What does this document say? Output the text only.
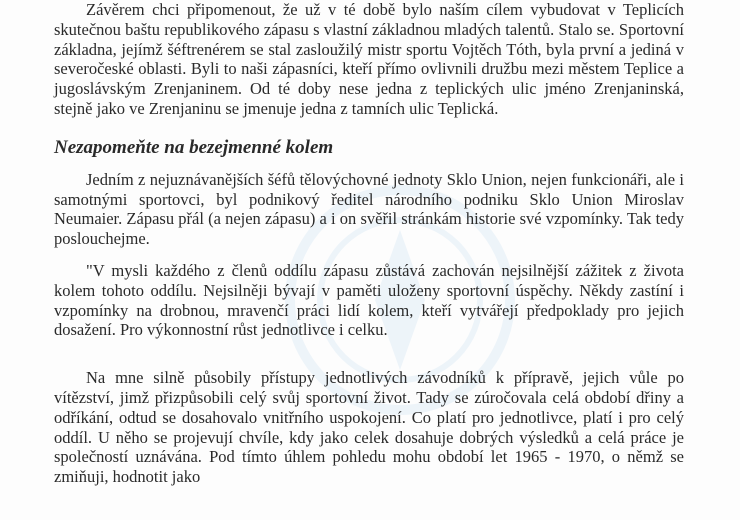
Závěrem chci připomenout, že už v té době bylo naším cílem vybudovat v Teplicích skutečnou baštu republikového zápasu s vlastní základnou mladých talentů. Stalo se. Sportovní základna, jejímž šéftrenérem se stal zasloužilý mistr sportu Vojtěch Tóth, byla první a jediná v severočeské oblasti. Byli to naši zápasníci, kteří přímo ovlivnili družbu mezi městem Teplice a jugoslávským Zrenjaninem. Od té doby nese jedna z teplických ulic jméno Zrenjaninská, stejně jako ve Zrenjaninu se jmenuje jedna z tamních ulic Teplická.

Nezapomeňte na bezejmenné kolem

Jedním z nejuznávanějších šéfů tělovýchovné jednoty Sklo Union, nejen funkcionáři, ale i samotnými sportovci, byl podnikový ředitel národního podniku Sklo Union Miroslav Neumaier. Zápasu přál (a nejen zápasu) a i on svěřil stránkám historie své vzpomínky. Tak tedy poslouchejme.

"V mysli každého z členů oddílu zápasu zůstává zachován nejsilnější zážitek z života kolem tohoto oddílu. Nejsilněji bývají v paměti uloženy sportovní úspěchy. Někdy zastíní i vzpomínky na drobnou, mravenčí práci lidí kolem, kteří vytvářejí předpoklady pro jejich dosažení. Pro výkonnostní růst jednotlivce i celku.

Na mne silně působily přístupy jednotlivých závodníků k přípravě, jejich vůle po vítězství, jimž přizpůsobili celý svůj sportovní život. Tady se zúročovala celá období dřiny a odříkání, odtud se dosahovalo vnitřního uspokojení. Co platí pro jednotlivce, platí i pro celý oddíl. U něho se projevují chvíle, kdy jako celek dosahuje dobrých výsledků a celá práce je společností uznávána. Pod tímto úhlem pohledu mohu období let 1965 - 1970, o němž se zmiňuji, hodnotit jako
